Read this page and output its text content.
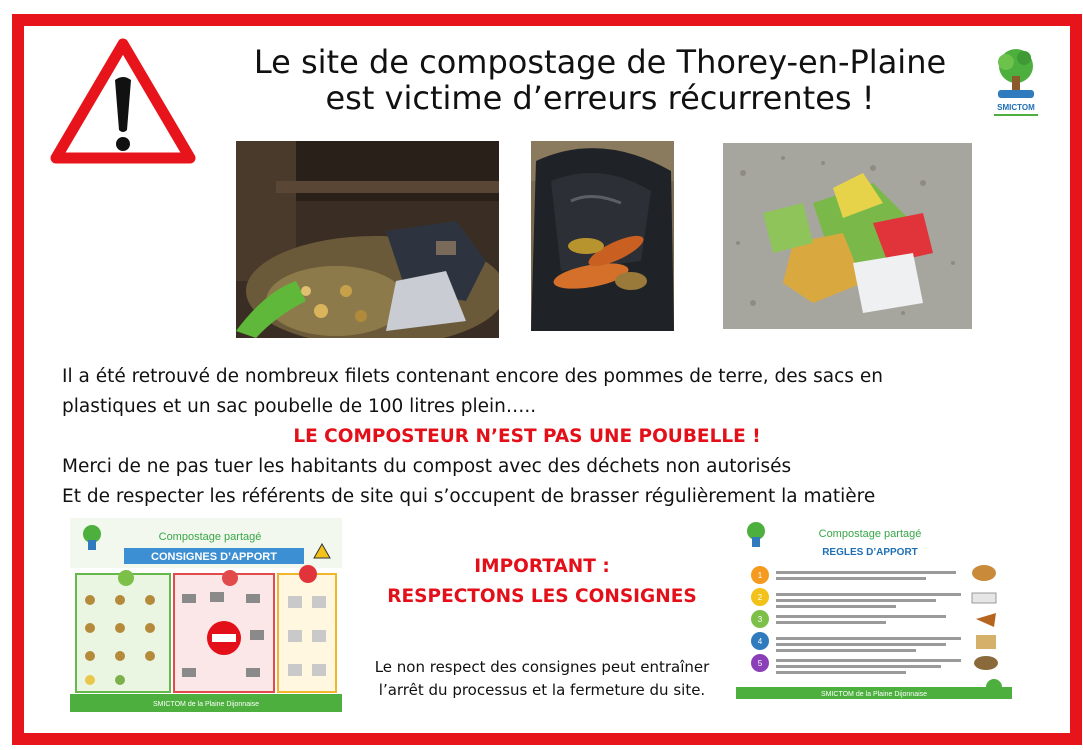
Le site de compostage de Thorey-en-Plaine
est victime d’erreurs récurrentes !	SMICTOM

Il a été retrouvé de nombreux filets contenant encore des pommes de terre, des sacs en

plastiques et un sac poubelle de 100 litres plein…..

LE COMPOSTEUR N’EST PAS UNE POUBELLE !

Merci de ne pas tuer les habitants du compost avec des déchets non autorisés

Et de respecter les référents de site qui s’occupent de brasser régulièrement la matière

Compostage partagé
CONSIGNES D’APPORT
SMICTOM de la Plaine Dijonnaise
IMPORTANT :
RESPECTONS LES CONSIGNES
Le non respect des consignes peut entraîner
l’arrêt du processus et la fermeture du site.
Compostage partagé
REGLES D’APPORT
1
2
3
4
5
SMICTOM de la Plaine Dijonnaise
